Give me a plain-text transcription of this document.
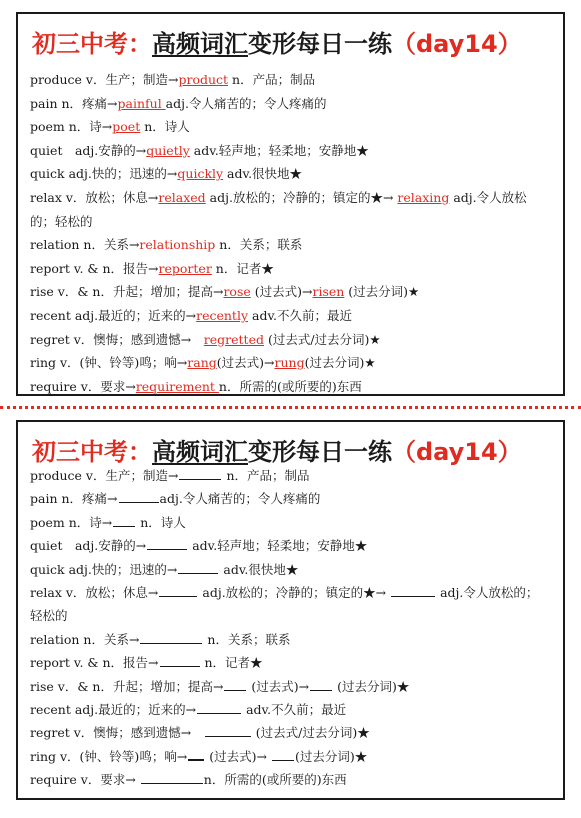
初三中考：高频词汇变形每日一练（day14）
produce v．生产；制造→product n．产品；制品
pain n．疼痛→painful adj.令人痛苦的；令人疼痛的
poem n．诗→poet n．诗人
quiet　adj.安静的→quietly adv.轻声地；轻柔地；安静地★
quick adj.快的；迅速的→quickly adv.很快地★
relax v．放松；休息→relaxed adj.放松的；冷静的；镇定的★→ relaxing adj.令人放松的；轻松的
relation n．关系→relationship n．关系；联系
report v. & n．报告→reporter n．记者★
rise v．& n．升起；增加；提高→rose (过去式)→risen (过去分词)★
recent adj.最近的；近来的→recently adv.不久前；最近
regret v．懊悔；感到遗憾→　regretted (过去式/过去分词)★
ring v．(钟、铃等)鸣；响→rang(过去式)→rung(过去分词)★
require v．要求→requirement n．所需的(或所要的)东西
初三中考：高频词汇变形每日一练（day14）
produce v．生产；制造→	n．产品；制品
pain n．疼痛→	adj.令人痛苦的；令人疼痛的
poem n．诗→ n．诗人
quiet　adj.安静的→	adv.轻声地；轻柔地；安静地★
quick adj.快的；迅速的→	adv.很快地★
relax v．放松；休息→	adj.放松的；冷静的；镇定的★→	adj.令人放松的；轻松的
relation n．关系→	n．关系；联系
report v. & n．报告→	n．记者★
rise v．& n．升起；增加；提高→ (过去式)→ (过去分词)★
recent adj.最近的；近来的→	adv.不久前；最近
regret v．懊悔；感到遗憾→　	(过去式/过去分词)★
ring v．(钟、铃等)鸣；响→ (过去式)→ (过去分词)★
require v．要求→	n．所需的(或所要的)东西
